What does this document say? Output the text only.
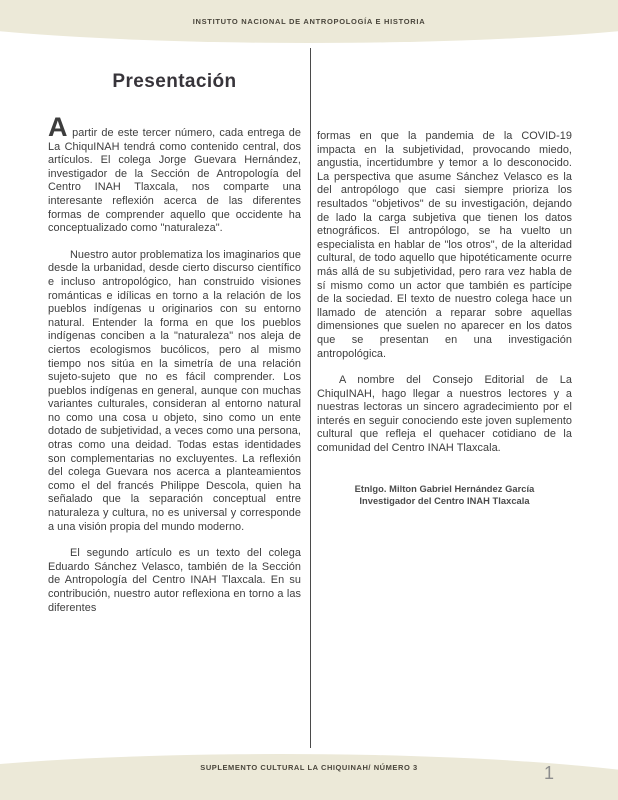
INSTITUTO NACIONAL DE ANTROPOLOGÍA E HISTORIA
Presentación

A partir de este tercer número, cada entrega de La ChiquINAH tendrá como contenido central, dos artículos. El colega Jorge Guevara Hernández, investigador de la Sección de Antropología del Centro INAH Tlaxcala, nos comparte una interesante reflexión acerca de las diferentes formas de comprender aquello que occidente ha conceptualizado como "naturaleza".

Nuestro autor problematiza los imaginarios que desde la urbanidad, desde cierto discurso científico e incluso antropológico, han construido visiones románticas e idílicas en torno a la relación de los pueblos indígenas u originarios con su entorno natural. Entender la forma en que los pueblos indígenas conciben a la "naturaleza" nos aleja de ciertos ecologismos bucólicos, pero al mismo tiempo nos sitúa en la simetría de una relación sujeto-sujeto que no es fácil comprender. Los pueblos indígenas en general, aunque con muchas variantes culturales, consideran al entorno natural no como una cosa u objeto, sino como un ente dotado de subjetividad, a veces como una persona, otras como una deidad. Todas estas identidades son complementarias no excluyentes. La reflexión del colega Guevara nos acerca a planteamientos como el del francés Philippe Descola, quien ha señalado que la separación conceptual entre naturaleza y cultura, no es universal y corresponde a una visión propia del mundo moderno.

El segundo artículo es un texto del colega Eduardo Sánchez Velasco, también de la Sección de Antropología del Centro INAH Tlaxcala. En su contribución, nuestro autor reflexiona en torno a las diferentes

formas en que la pandemia de la COVID-19 impacta en la subjetividad, provocando miedo, angustia, incertidumbre y temor a lo desconocido. La perspectiva que asume Sánchez Velasco es la del antropólogo que casi siempre prioriza los resultados "objetivos" de su investigación, dejando de lado la carga subjetiva que tienen los datos etnográficos. El antropólogo, se ha vuelto un especialista en hablar de "los otros", de la alteridad cultural, de todo aquello que hipotéticamente ocurre más allá de su subjetividad, pero rara vez habla de sí mismo como un actor que también es partícipe de la sociedad. El texto de nuestro colega hace un llamado de atención a reparar sobre aquellas dimensiones que suelen no aparecer en los datos que se presentan en una investigación antropológica.

A nombre del Consejo Editorial de La ChiquINAH, hago llegar a nuestros lectores y a nuestras lectoras un sincero agradecimiento por el interés en seguir conociendo este joven suplemento cultural que refleja el quehacer cotidiano de la comunidad del Centro INAH Tlaxcala.

Etnlgo. Milton Gabriel Hernández García
Investigador del Centro INAH Tlaxcala
SUPLEMENTO CULTURAL LA CHIQUINAH/ NÚMERO 3	1
